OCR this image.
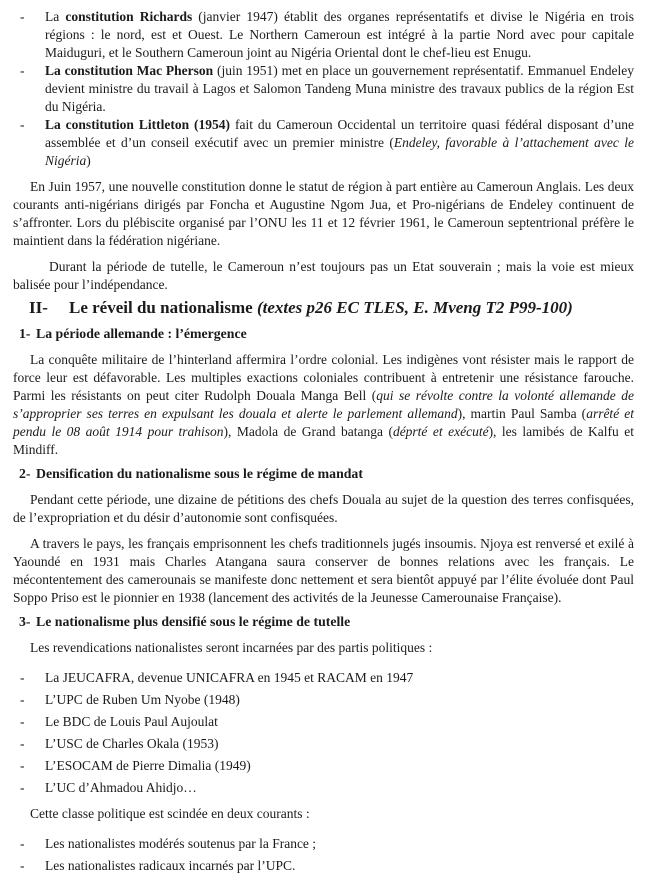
-	La constitution Richards (janvier 1947) établit des organes représentatifs et divise le Nigéria en trois régions : le nord, est et Ouest. Le Northern Cameroun est intégré à la partie Nord avec pour capitale Maiduguri, et le Southern Cameroun joint au Nigéria Oriental dont le chef-lieu est Enugu.
-	La constitution Mac Pherson (juin 1951) met en place un gouvernement représentatif. Emmanuel Endeley devient ministre du travail à Lagos et Salomon Tandeng Muna ministre des travaux publics de la région Est du Nigéria.
-	La constitution Littleton (1954) fait du Cameroun Occidental un territoire quasi fédéral disposant d’une assemblée et d’un conseil exécutif avec un premier ministre (Endeley, favorable à l’attachement avec le Nigéria)

En Juin 1957, une nouvelle constitution donne le statut de région à part entière au Cameroun Anglais. Les deux courants anti-nigérians dirigés par Foncha et Augustine Ngom Jua, et Pro-nigérians de Endeley continuent de s’affronter. Lors du plébiscite organisé par l’ONU les 11 et 12 février 1961, le Cameroun septentrional préfère le maintient dans la fédération nigériane.

Durant la période de tutelle, le Cameroun n’est toujours pas un Etat souverain ; mais la voie est mieux balisée pour l’indépendance.

II- Le réveil du nationalisme (textes p26 EC TLES, E. Mveng T2 P99-100)
1- La période allemande : l’émergence

La conquête militaire de l’hinterland affermira l’ordre colonial. Les indigènes vont résister mais le rapport de force leur est défavorable. Les multiples exactions coloniales contribuent à entretenir une résistance farouche. Parmi les résistants on peut citer Rudolph Douala Manga Bell (qui se révolte contre la volonté allemande de s’approprier ses terres en expulsant les douala et alerte le parlement allemand), martin Paul Samba (arrêté et pendu le 08 août 1914 pour trahison), Madola de Grand batanga (déprté et exécuté), les lamibés de Kalfu et Mindiff.

2- Densification du nationalisme sous le régime de mandat

Pendant cette période, une dizaine de pétitions des chefs Douala au sujet de la question des terres confisquées, de l’expropriation et du désir d’autonomie sont confisquées.

A travers le pays, les français emprisonnent les chefs traditionnels jugés insoumis. Njoya est renversé et exilé à Yaoundé en 1931 mais Charles Atangana saura conserver de bonnes relations avec les français. Le mécontentement des camerounais se manifeste donc nettement et sera bientôt appuyé par l’élite évoluée dont Paul Soppo Priso est le pionnier en 1938 (lancement des activités de la Jeunesse Camerounaise Française).

3- Le nationalisme plus densifié sous le régime de tutelle

Les revendications nationalistes seront incarnées par des partis politiques :

-	La JEUCAFRA, devenue UNICAFRA en 1945 et RACAM en 1947
-	L’UPC de Ruben Um Nyobe (1948)
-	Le BDC de Louis Paul Aujoulat
-	L’USC de Charles Okala (1953)
-	L’ESOCAM de Pierre Dimalia (1949)
-	L’UC d’Ahmadou Ahidjo…

Cette classe politique est scindée en deux courants :

-	Les nationalistes modérés soutenus par la France ;
-	Les nationalistes radicaux incarnés par l’UPC.
